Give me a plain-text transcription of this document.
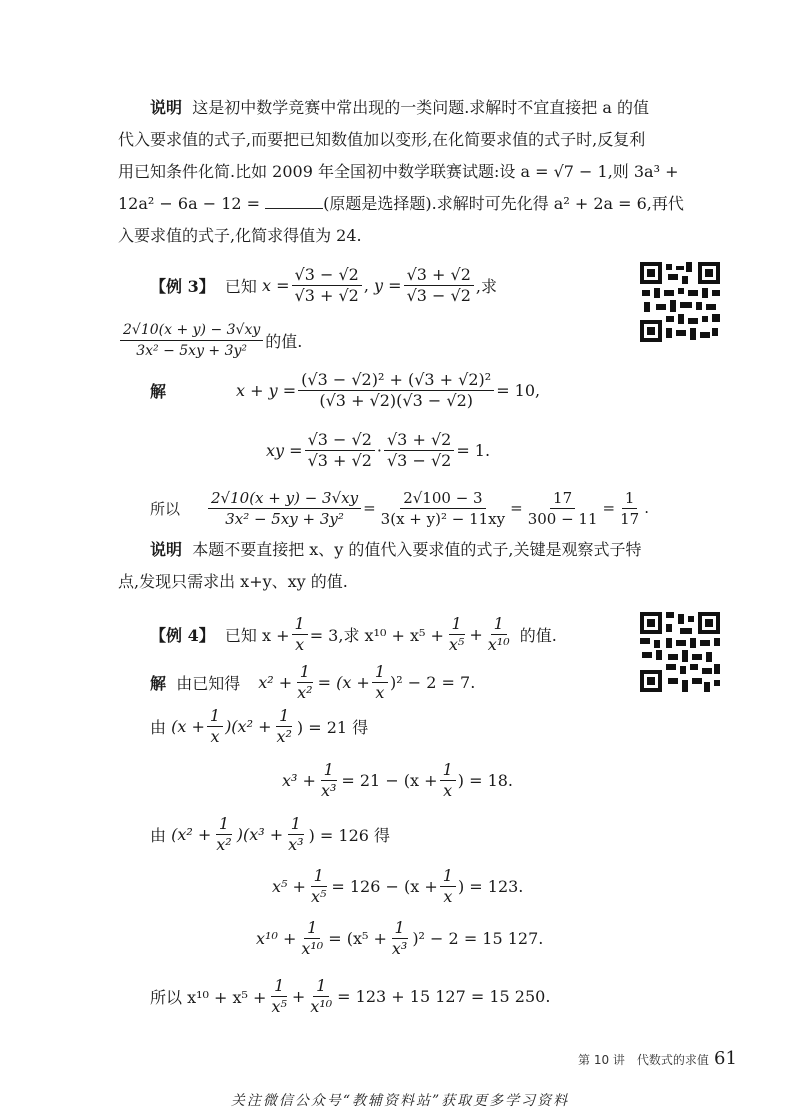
说明 这是初中数学竞赛中常出现的一类问题.求解时不宜直接把 a 的值
代入要求值的式子,而要把已知数值加以变形,在化简要求值的式子时,反复利
用已知条件化简.比如 2009 年全国初中数学联赛试题:设 a = √7 − 1,则 3a³ +
12a² − 6a − 12 =	(原题是选择题).求解时可先化得 a² + 2a = 6,再代
入要求值的式子,化简求得值为 24.
【例 3】
已知
$x = \frac{√3 - √2}{√3 + √2}$ ,
$y = \frac{√3 + √2}{√3 - √2}$ ,求
$\frac{2√10(x + y) - 3√xy}{\text{3x² − 5xy + 3y²}}$ 的值.
解	$x + y = \frac{\text{(√3 − √2)² + (√3 + √2)²}}{(√3 + √2)(√3 - √2)} = 10$,
xy = $\frac{√3 - √2}{√3 + √2} \cdot \frac{√3 + √2}{√3 - √2} = 1$.
所以 $\frac{2√10(x + y) - 3√xy}{\text{3x² − 5xy + 3y²}} = \frac{2√100 - 3}{\text{3(x + y)² − 11xy}} = \frac{17}{300 - 11} = \frac{1}{17}$ .
说明 本题不要直接把 x、y 的值代入要求值的式子,关键是观察式子特
点,发现只需求出 x+y、xy 的值.
【例 4】
已知 $x + \frac{1}{x} = 3$,求 $x^{10} + x^5 + \frac{1}{\text{x⁵}} + \frac{1}{\text{x¹⁰}}$
的值.
解
由已知得 $x^2 + \frac{1}{\text{x²}}$ =
$(x + \frac{1}{x} )^2 - 2 = 7$.
由
$(x + \frac{1}{x} )(x^2 + \frac{1}{\text{x²}}$ ) = 21 得
$x^3 + \frac{1}{\text{x³}} = 21 - (x + \frac{1}{x}$ ) = 18.
由
$(x^2 + \frac{1}{\text{x²}} )(x^3 + \frac{1}{\text{x³}}$ ) = 126 得
$x^5 + \frac{1}{\text{x⁵}} = 126 - (x + \frac{1}{x}$ ) = 123.
$x^{10} + \frac{1}{\text{x¹⁰}} = (x^5 + \frac{1}{\text{x³}} )^2 - 2 = 15$ 127.
所以 $x^{10} + x^5 + \frac{1}{\text{x⁵}} + \frac{1}{\text{x¹⁰}} = 123 + 15$ 127 = 15 250.
第 10 讲　代数式的求值
61
关注微信公众号“教辅资料站”获取更多学习资料
